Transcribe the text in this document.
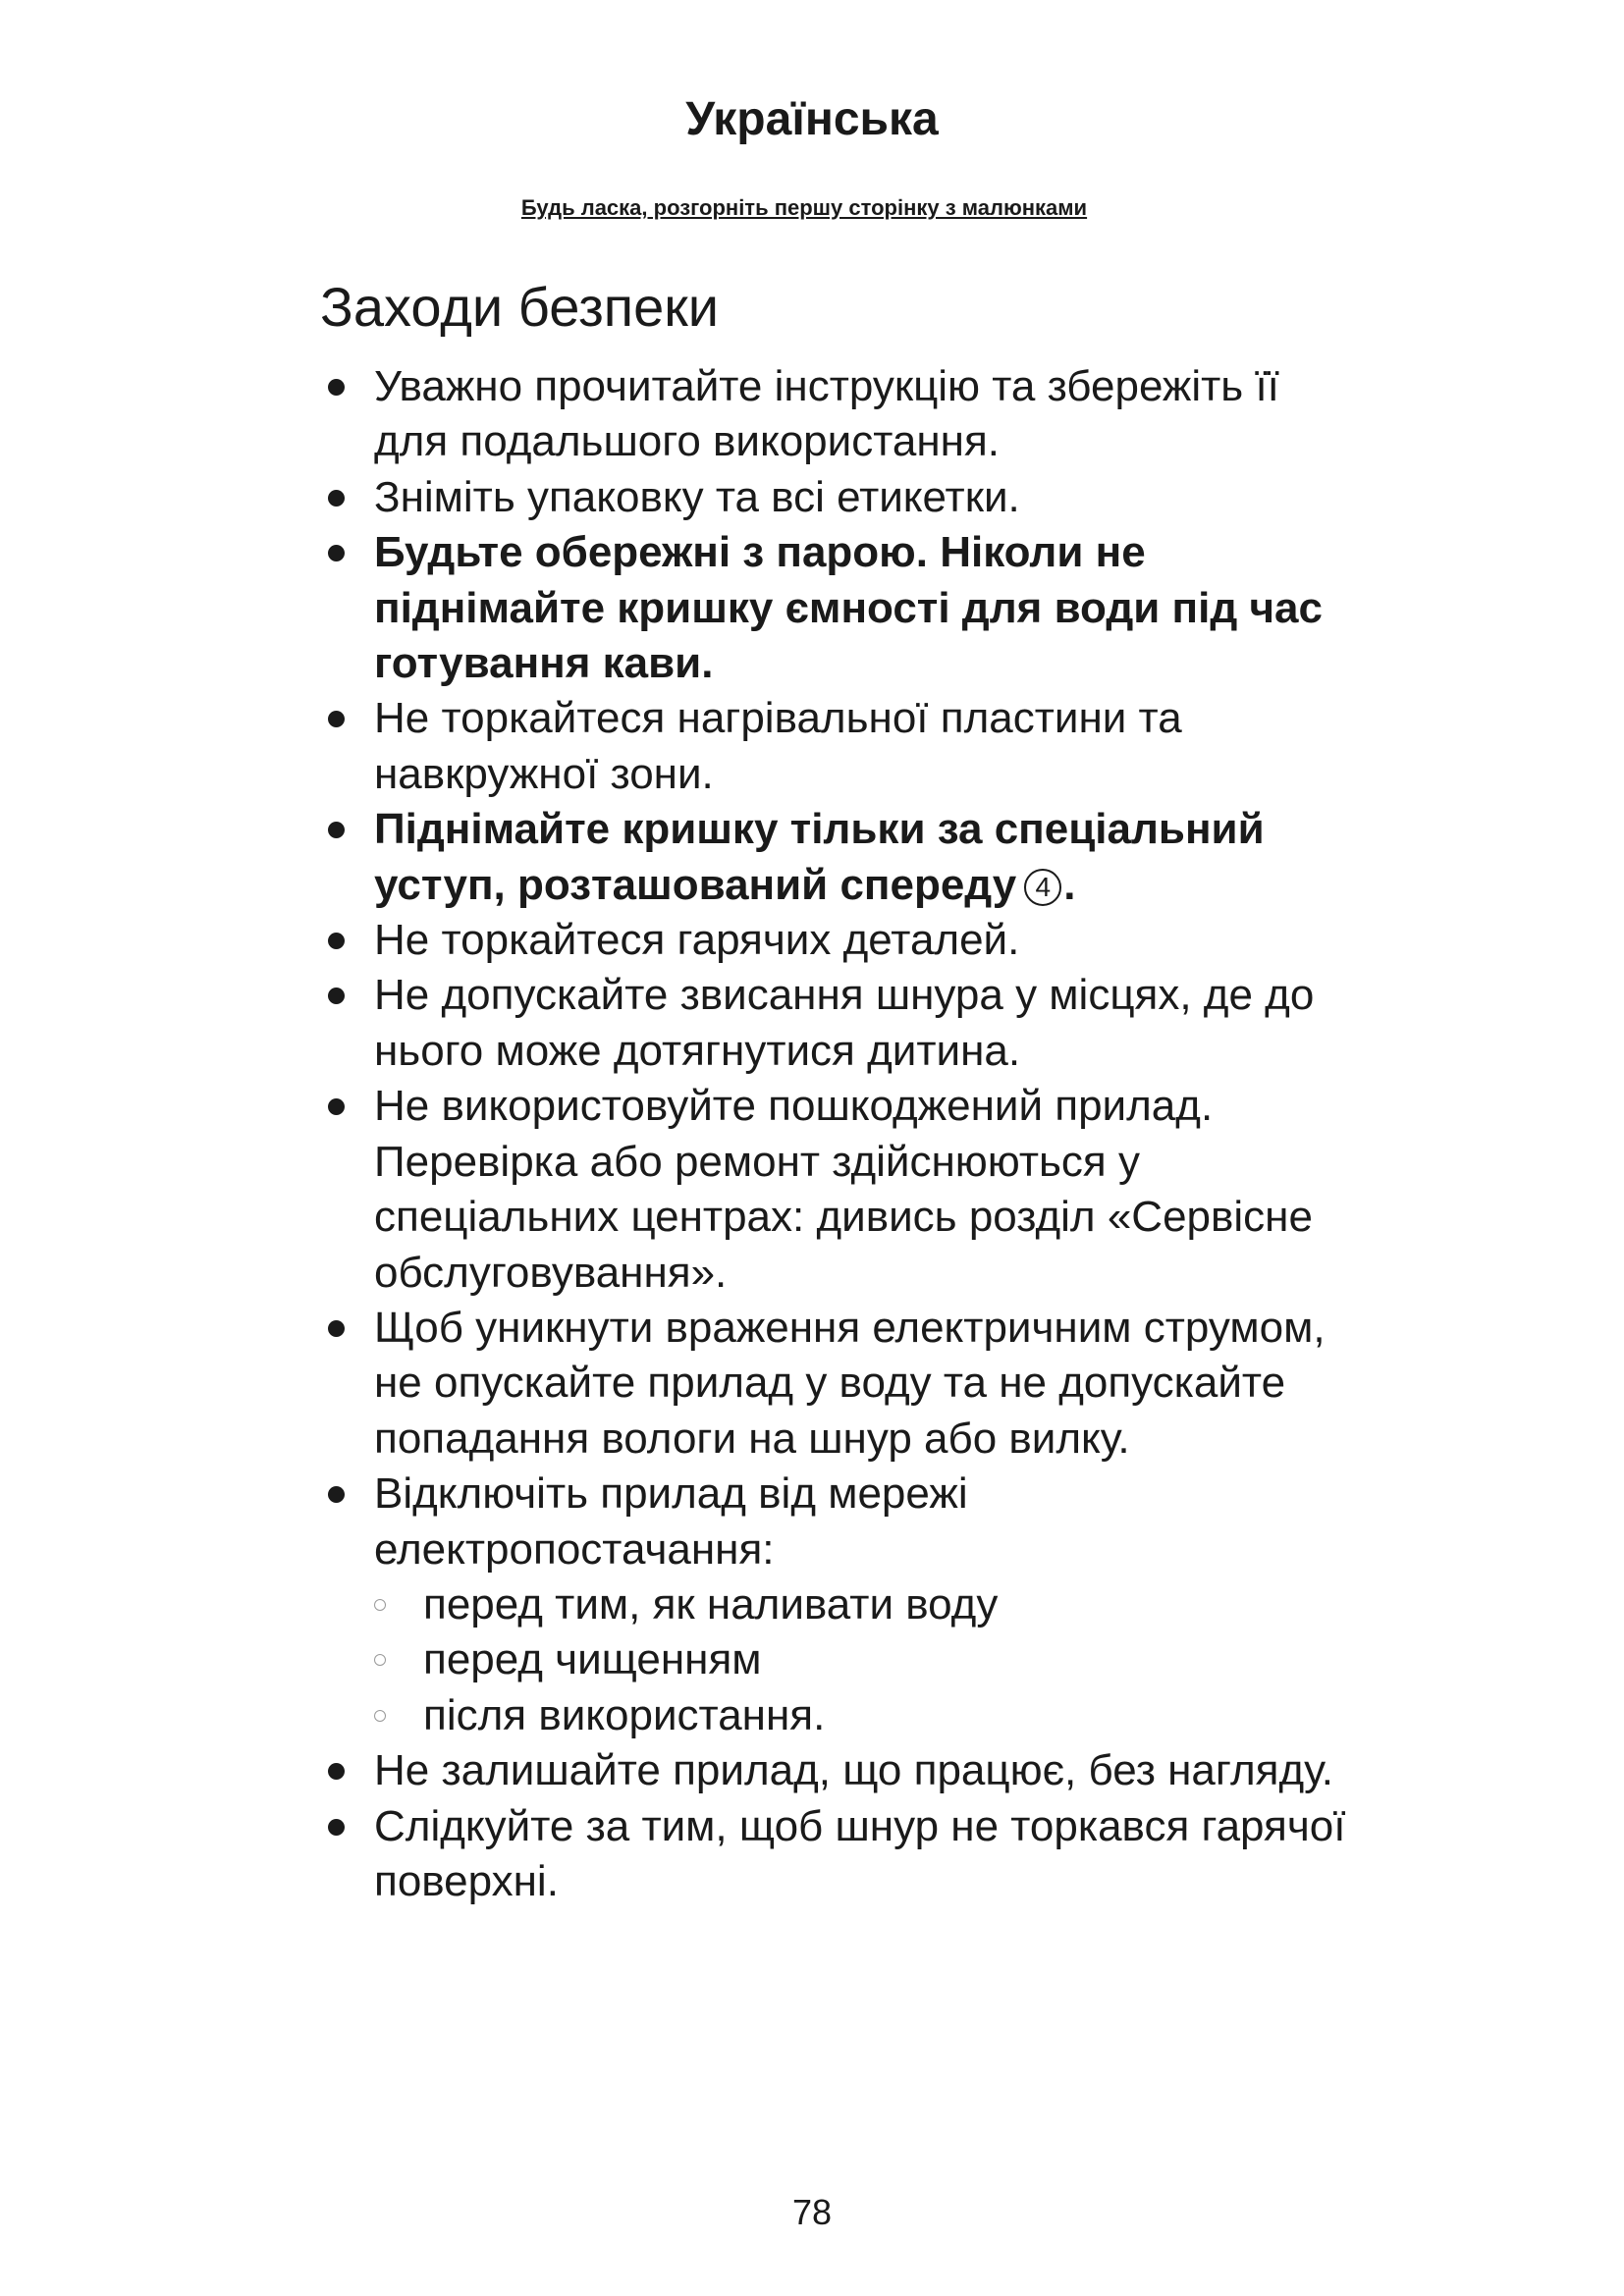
Українська
Будь ласка, розгорніть першу сторінку з малюнками
Заходи безпеки
Уважно прочитайте інструкцію та збережіть її для подальшого використання.
Зніміть упаковку та всі етикетки.
Будьте обережні з парою. Ніколи не піднімайте кришку ємності для води під час готування кави.
Не торкайтеся нагрівальної пластини та навкружної зони.
Піднімайте кришку тільки за спеціальний уступ, розташований спереду 4 .
Не торкайтеся гарячих деталей.
Не допускайте звисання шнура у місцях, де до нього може дотягнутися дитина.
Не використовуйте пошкоджений прилад. Перевірка або ремонт здійснюються у спеціальних центрах: дивись розділ «Сервісне обслуговування».
Щоб уникнути враження електричним струмом, не опускайте прилад у воду та не допускайте попадання вологи на шнур або вилку.
Відключіть прилад від мережі електропостачання:
перед тим, як наливати воду
перед чищенням
після використання.
Не залишайте прилад, що працює, без нагляду.
Слідкуйте за тим, щоб шнур не торкався гарячої поверхні.
78
